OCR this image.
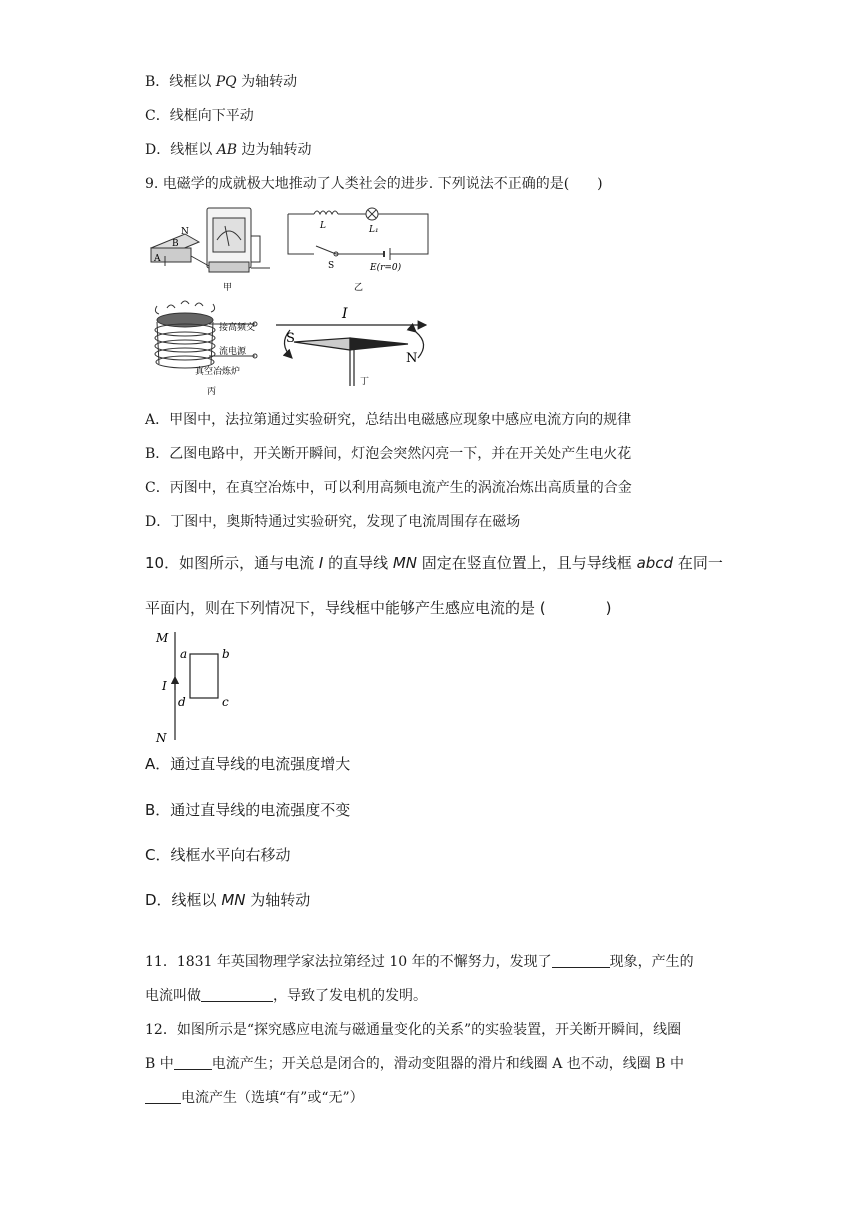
B．线框以 PQ 为轴转动
C．线框向下平动
D．线框以 AB 边为轴转动
9. 电磁学的成就极大地推动了人类社会的进步. 下列说法不正确的是(　　)
A
B
N
甲
L	L₁
S	E(r=0)
乙
接高频交
流电源
真空冶炼炉
丙
I
S
N
丁
A．甲图中，法拉第通过实验研究，总结出电磁感应现象中感应电流方向的规律
B．乙图电路中，开关断开瞬间，灯泡会突然闪亮一下，并在开关处产生电火花
C．丙图中，在真空冶炼中，可以利用高频电流产生的涡流冶炼出高质量的合金
D．丁图中，奥斯特通过实验研究，发现了电流周围存在磁场
10．如图所示，通与电流 I 的直导线 MN 固定在竖直位置上，且与导线框 abcd 在同一
平面内，则在下列情况下，导线框中能够产生感应电流的是 (　　　　)
M
N
I
a	b
c
d
A．通过直导线的电流强度增大
B．通过直导线的电流强度不变
C．线框水平向右移动
D．线框以 MN 为轴转动
11．1831 年英国物理学家法拉第经过 10 年的不懈努力，发现了	现象，产生的
电流叫做	，导致了发电机的发明。
12．如图所示是“探究感应电流与磁通量变化的关系”的实验装置，开关断开瞬间，线圈
B 中	电流产生；开关总是闭合的，滑动变阻器的滑片和线圈 A 也不动，线圈 B 中
电流产生（选填“有”或“无”）
